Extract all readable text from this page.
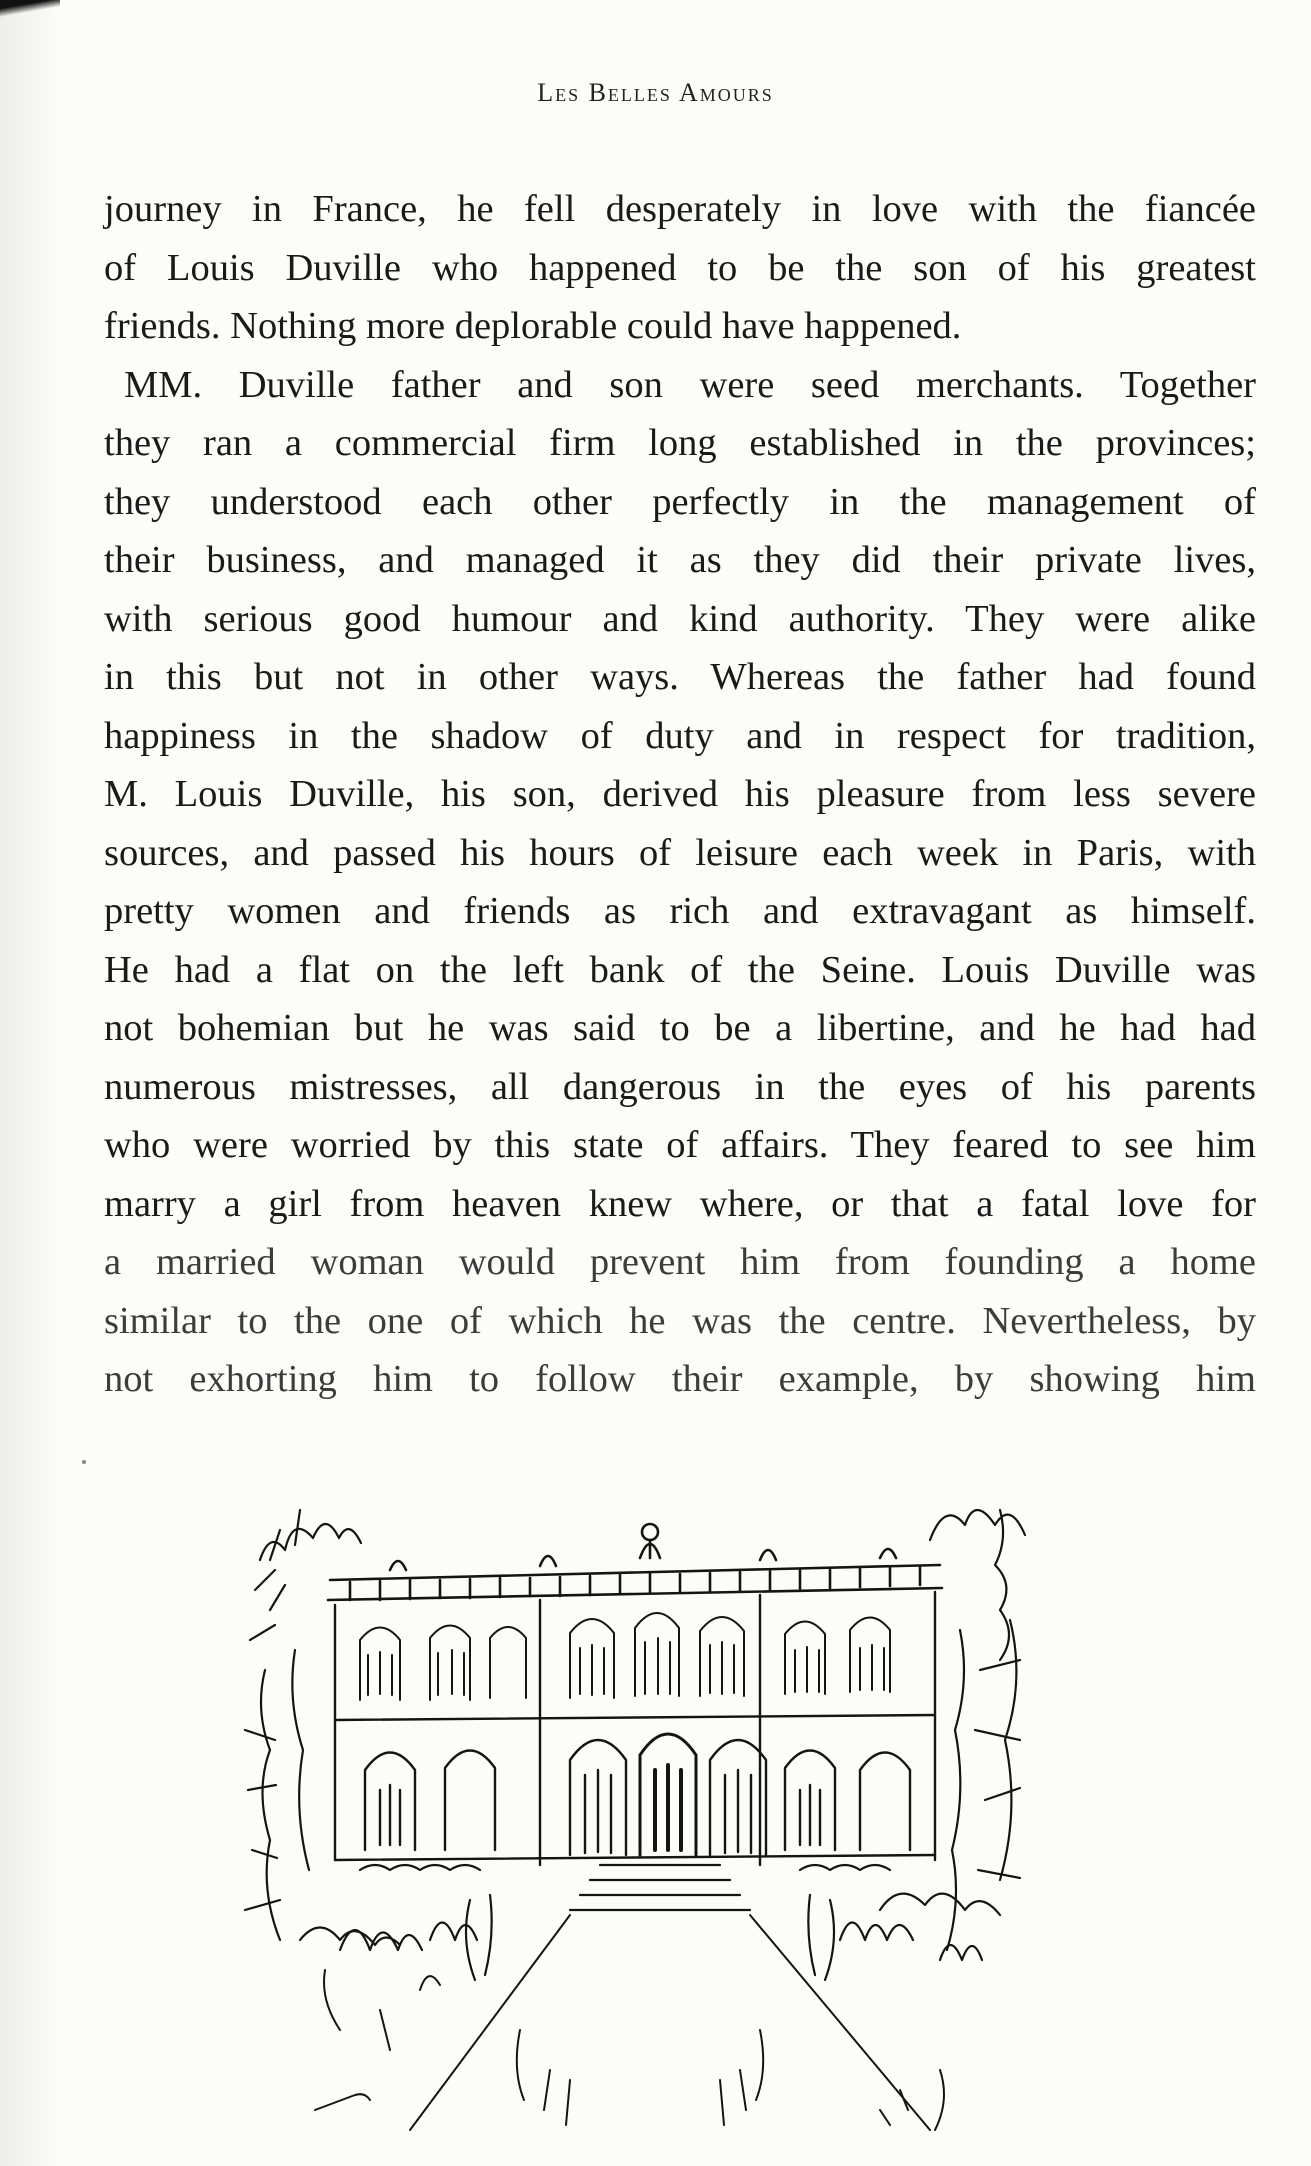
Les Belles Amours
journey in France, he fell desperately in love with the fiancée
of Louis Duville who happened to be the son of his greatest
friends. Nothing more deplorable could have happened.
MM. Duville father and son were seed merchants. Together
they ran a commercial firm long established in the provinces;
they understood each other perfectly in the management of
their business, and managed it as they did their private lives,
with serious good humour and kind authority. They were alike
in this but not in other ways. Whereas the father had found
happiness in the shadow of duty and in respect for tradition,
M. Louis Duville, his son, derived his pleasure from less severe
sources, and passed his hours of leisure each week in Paris, with
pretty women and friends as rich and extravagant as himself.
He had a flat on the left bank of the Seine. Louis Duville was
not bohemian but he was said to be a libertine, and he had had
numerous mistresses, all dangerous in the eyes of his parents
who were worried by this state of affairs. They feared to see him
marry a girl from heaven knew where, or that a fatal love for
a married woman would prevent him from founding a home
similar to the one of which he was the centre. Nevertheless, by
not exhorting him to follow their example, by showing him
